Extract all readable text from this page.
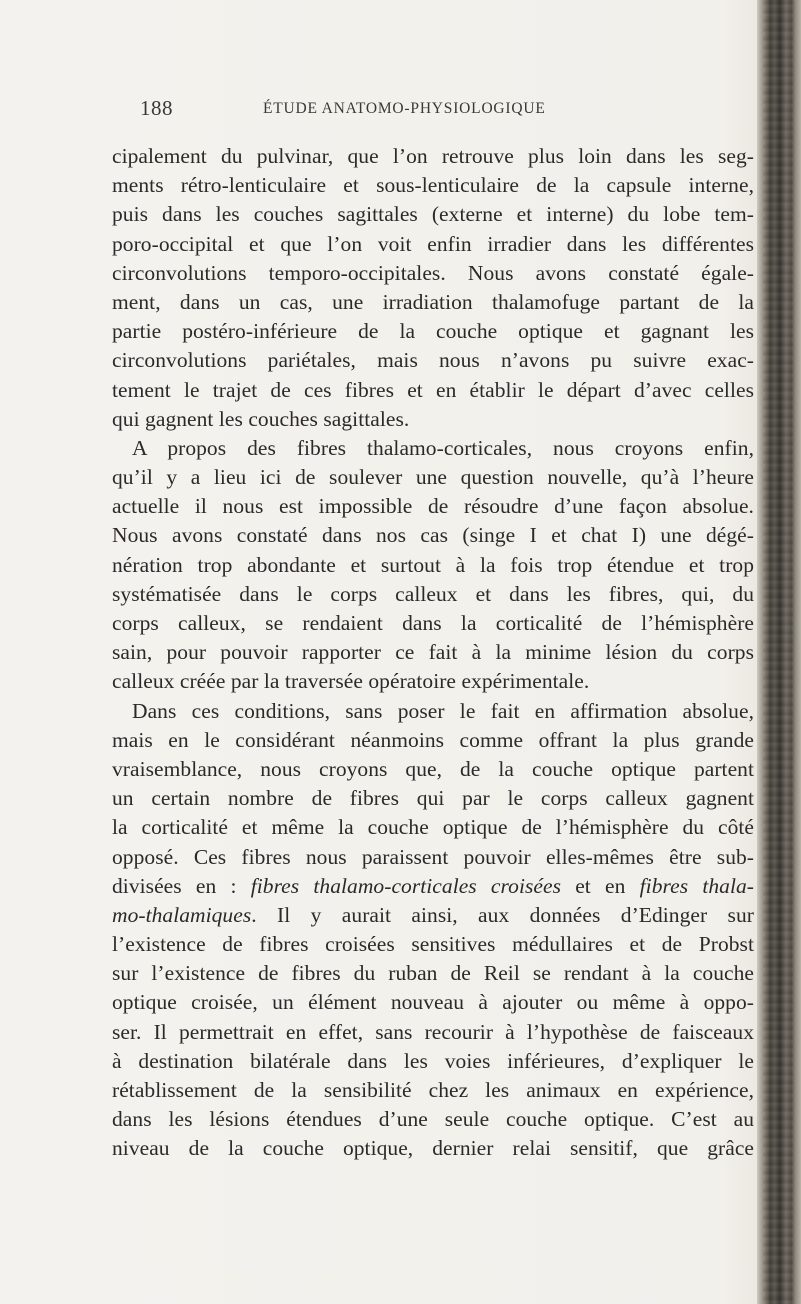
188	ÉTUDE ANATOMO-PHYSIOLOGIQUE
cipalement du pulvinar, que l’on retrouve plus loin dans les seg-
ments rétro-lenticulaire et sous-lenticulaire de la capsule interne,
puis dans les couches sagittales (externe et interne) du lobe tem-
poro-occipital et que l’on voit enfin irradier dans les différentes
circonvolutions temporo-occipitales. Nous avons constaté égale-
ment, dans un cas, une irradiation thalamofuge partant de la
partie postéro-inférieure de la couche optique et gagnant les
circonvolutions pariétales, mais nous n’avons pu suivre exac-
tement le trajet de ces fibres et en établir le départ d’avec celles
qui gagnent les couches sagittales.
A propos des fibres thalamo-corticales, nous croyons enfin,
qu’il y a lieu ici de soulever une question nouvelle, qu’à l’heure
actuelle il nous est impossible de résoudre d’une façon absolue.
Nous avons constaté dans nos cas (singe I et chat I) une dégé-
nération trop abondante et surtout à la fois trop étendue et trop
systématisée dans le corps calleux et dans les fibres, qui, du
corps calleux, se rendaient dans la corticalité de l’hémisphère
sain, pour pouvoir rapporter ce fait à la minime lésion du corps
calleux créée par la traversée opératoire expérimentale.
Dans ces conditions, sans poser le fait en affirmation absolue,
mais en le considérant néanmoins comme offrant la plus grande
vraisemblance, nous croyons que, de la couche optique partent
un certain nombre de fibres qui par le corps calleux gagnent
la corticalité et même la couche optique de l’hémisphère du côté
opposé. Ces fibres nous paraissent pouvoir elles-mêmes être sub-
divisées en : fibres thalamo-corticales croisées et en fibres thala-
mo-thalamiques. Il y aurait ainsi, aux données d’Edinger sur
l’existence de fibres croisées sensitives médullaires et de Probst
sur l’existence de fibres du ruban de Reil se rendant à la couche
optique croisée, un élément nouveau à ajouter ou même à oppo-
ser. Il permettrait en effet, sans recourir à l’hypothèse de faisceaux
à destination bilatérale dans les voies inférieures, d’expliquer le
rétablissement de la sensibilité chez les animaux en expérience,
dans les lésions étendues d’une seule couche optique. C’est au
niveau de la couche optique, dernier relai sensitif, que grâce
